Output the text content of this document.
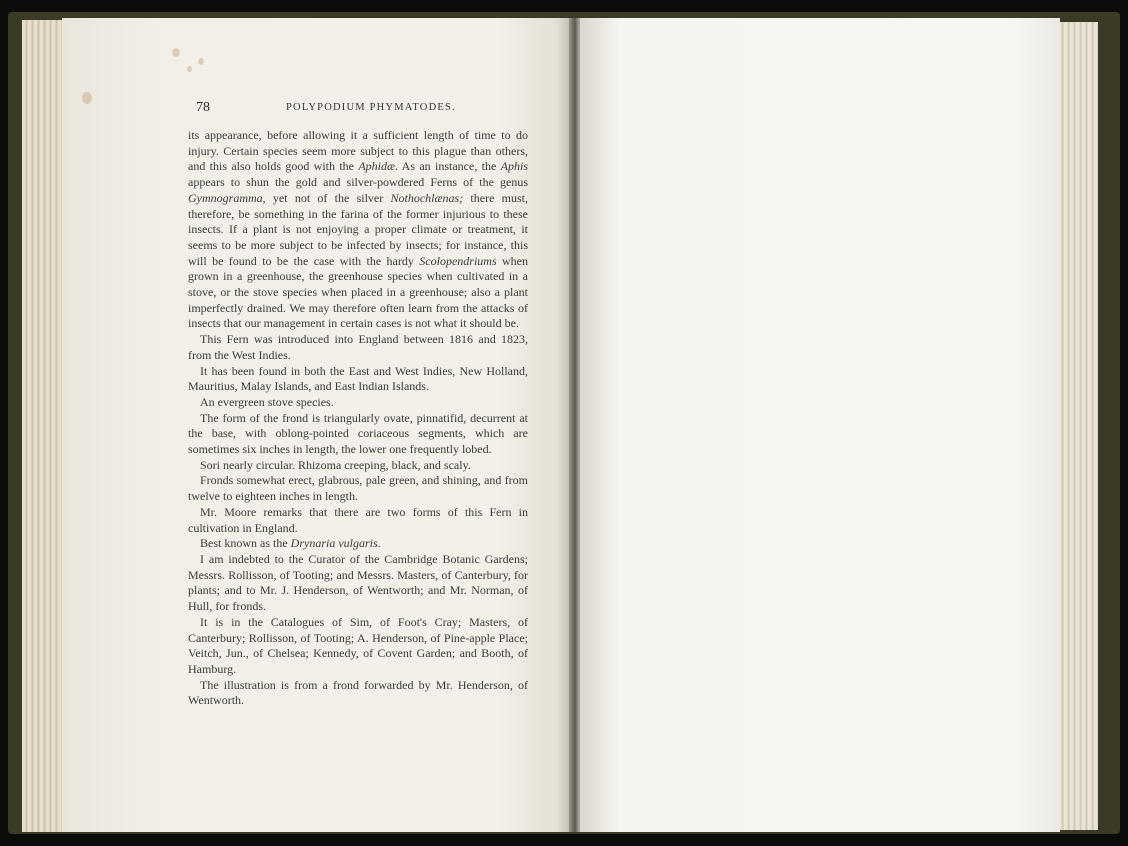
78	POLYPODIUM PHYMATODES.

its appearance, before allowing it a sufficient length of time to do injury. Certain species seem more subject to this plague than others, and this also holds good with the Aphidæ. As an instance, the Aphis appears to shun the gold and silver-powdered Ferns of the genus Gymnogramma, yet not of the silver Nothochlænas; there must, therefore, be something in the farina of the former injurious to these insects. If a plant is not enjoying a proper climate or treatment, it seems to be more subject to be infected by insects; for instance, this will be found to be the case with the hardy Scolopendriums when grown in a greenhouse, the greenhouse species when cultivated in a stove, or the stove species when placed in a greenhouse; also a plant imperfectly drained. We may therefore often learn from the attacks of insects that our management in certain cases is not what it should be.

This Fern was introduced into England between 1816 and 1823, from the West Indies.

It has been found in both the East and West Indies, New Holland, Mauritius, Malay Islands, and East Indian Islands.

An evergreen stove species.

The form of the frond is triangularly ovate, pinnatifid, decurrent at the base, with oblong-pointed coriaceous segments, which are sometimes six inches in length, the lower one frequently lobed.

Sori nearly circular. Rhizoma creeping, black, and scaly.

Fronds somewhat erect, glabrous, pale green, and shining, and from twelve to eighteen inches in length.

Mr. Moore remarks that there are two forms of this Fern in cultivation in England.

Best known as the Drynaria vulgaris.

I am indebted to the Curator of the Cambridge Botanic Gardens; Messrs. Rollisson, of Tooting; and Messrs. Masters, of Canterbury, for plants; and to Mr. J. Henderson, of Wentworth; and Mr. Norman, of Hull, for fronds.

It is in the Catalogues of Sim, of Foot's Cray; Masters, of Canterbury; Rollisson, of Tooting; A. Henderson, of Pine-apple Place; Veitch, Jun., of Chelsea; Kennedy, of Covent Garden; and Booth, of Hamburg.

The illustration is from a frond forwarded by Mr. Henderson, of Wentworth.
